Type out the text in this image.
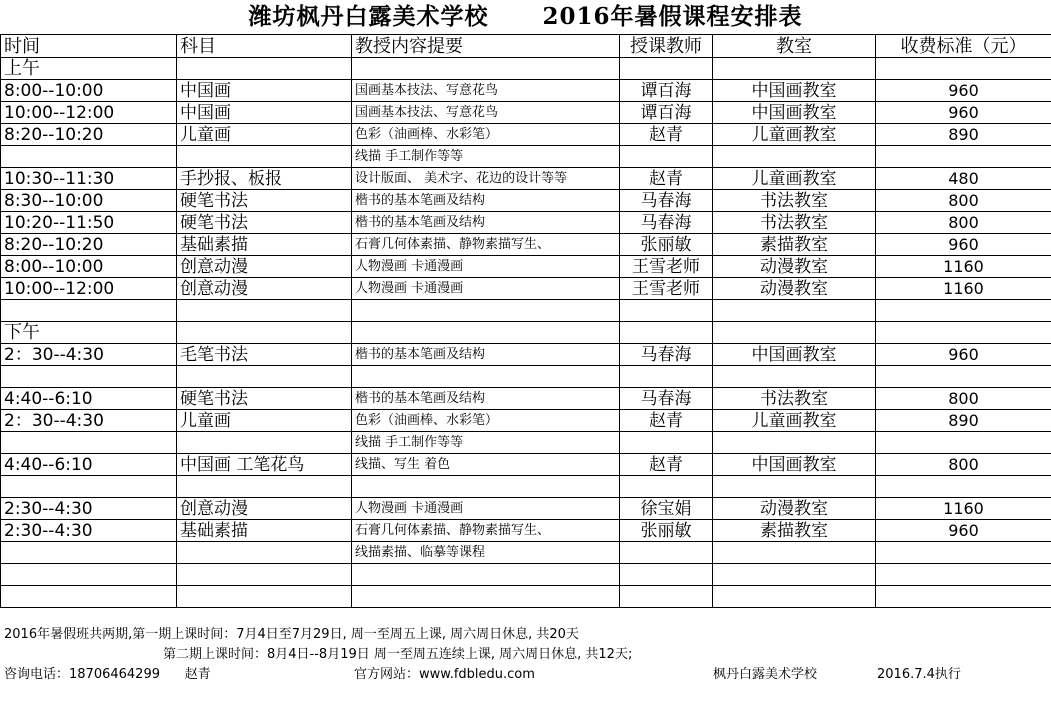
潍坊枫丹白露美术学校      2016年暑假课程安排表
时间	科目	教授内容提要	授课教师	教室	收费标准（元）
上午					
8:00--10:00	中国画	国画基本技法、写意花鸟	谭百海	中国画教室	960
10:00--12:00	中国画	国画基本技法、写意花鸟	谭百海	中国画教室	960
8:20--10:20	儿童画	色彩（油画棒、水彩笔）	赵青	儿童画教室	890
		线描 手工制作等等			
10:30--11:30	手抄报、板报	设计版面、 美术字、花边的设计等等	赵青	儿童画教室	480
8:30--10:00	硬笔书法	楷书的基本笔画及结构	马春海	书法教室	800
10:20--11:50	硬笔书法	楷书的基本笔画及结构	马春海	书法教室	800
8:20--10:20	基础素描	石膏几何体素描、静物素描写生、	张丽敏	素描教室	960
8:00--10:00	创意动漫	人物漫画 卡通漫画	王雪老师	动漫教室	1160
10:00--12:00	创意动漫	人物漫画 卡通漫画	王雪老师	动漫教室	1160

下午					
2：30--4:30	毛笔书法	楷书的基本笔画及结构	马春海	中国画教室	960

4:40--6:10	硬笔书法	楷书的基本笔画及结构	马春海	书法教室	800
2：30--4:30	儿童画	色彩（油画棒、水彩笔）	赵青	儿童画教室	890
		线描 手工制作等等			
4:40--6:10	中国画 工笔花鸟	线描、写生 着色	赵青	中国画教室	800

2:30--4:30	创意动漫	人物漫画 卡通漫画	徐宝娟	动漫教室	1160
2:30--4:30	基础素描	石膏几何体素描、静物素描写生、	张丽敏	素描教室	960
		线描素描、临摹等课程			

2016年暑假班共两期,第一期上课时间：7月4日至7月29日, 周一至周五上课, 周六周日休息, 共20天
第二期上课时间：8月4日--8月19日 周一至周五连续上课, 周六周日休息, 共12天;
咨询电话：18706464299      赵青	官方网站：www.fdbledu.com	枫丹白露美术学校	2016.7.4执行
